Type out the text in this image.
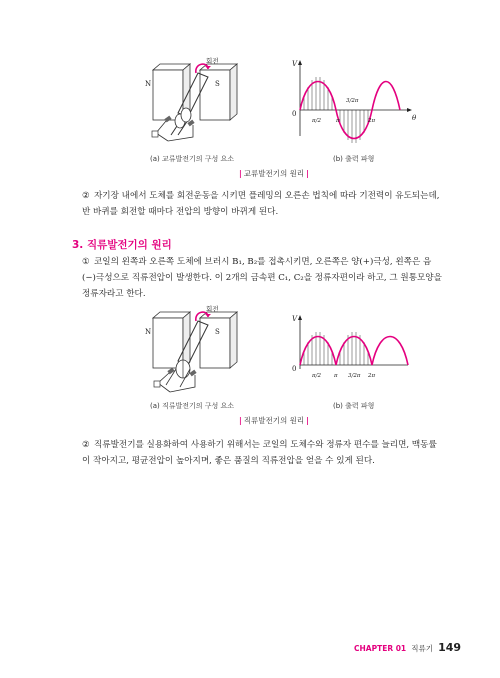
회전
N	S
V
0	θ
π/2	π
3/2π
2π
(a) 교류발전기의 구성 요소	(b) 출력 파형
| 교류발전기의 원리 |
② 자기장 내에서 도체를 회전운동을 시키면 플레밍의 오른손 법칙에 따라 기전력이 유도되는데, 반 바퀴를 회전할 때마다 전압의 방향이 바뀌게 된다.
3. 직류발전기의 원리
① 코일의 왼쪽과 오른쪽 도체에 브러시 B₁, B₂를 접촉시키면, 오른쪽은 양(+)극성, 왼쪽은 음(−)극성으로 직류전압이 발생한다. 이 2개의 금속편 C₁, C₂을 정류자편이라 하고, 그 원통모양을 정류자라고 한다.
회전
N	S
V
0
π/2 π 3/2π 2π
(a) 직류발전기의 구성 요소	(b) 출력 파형
| 직류발전기의 원리 |
② 직류발전기를 실용화하여 사용하기 위해서는 코일의 도체수와 정류자 편수를 늘리면, 맥동률이 작아지고, 평균전압이 높아지며, 좋은 품질의 직류전압을 얻을 수 있게 된다.
CHAPTER 01 직류기 149
